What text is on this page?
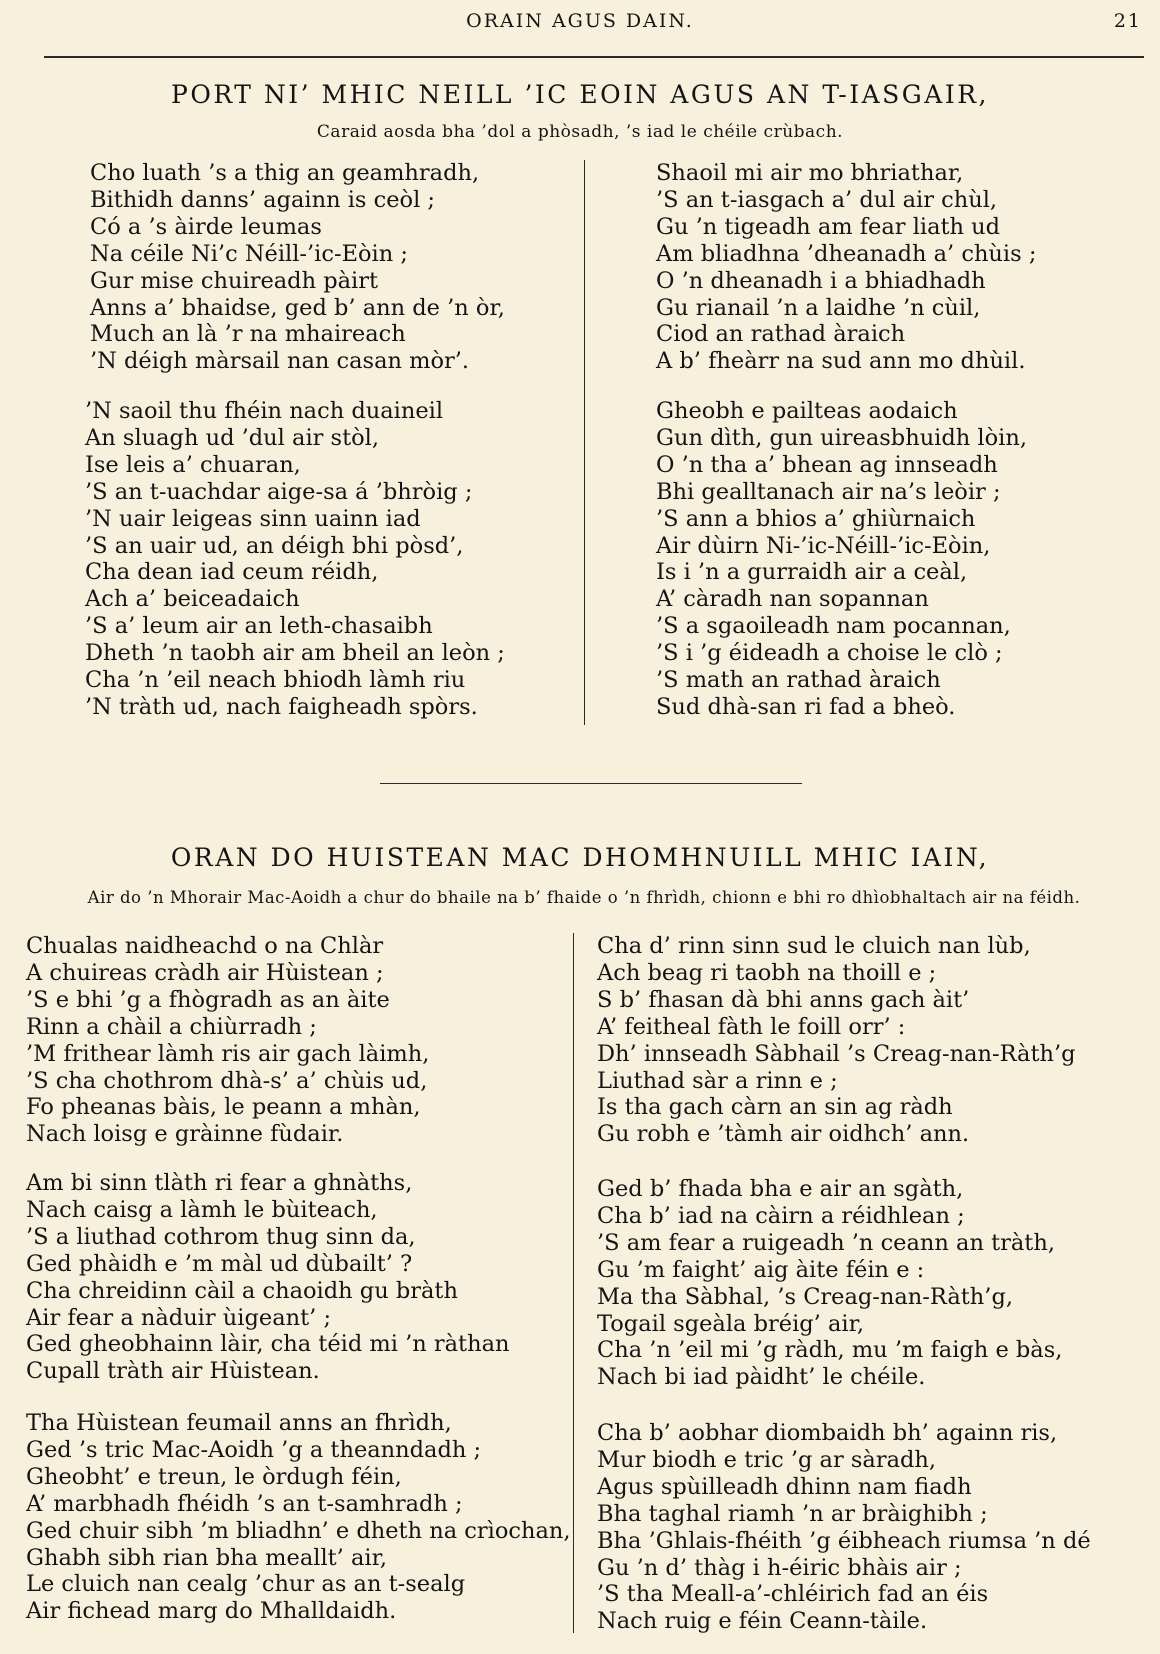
ORAIN AGUS DAIN.	21
PORT NI’ MHIC NEILL ’IC EOIN AGUS AN T-IASGAIR,
Caraid aosda bha ’dol a phòsadh, ’s iad le chéile crùbach.
Cho luath ’s a thig an geamhradh,
Bithidh danns’ againn is ceòl ;
Có a ’s àirde leumas
Na céile Ni’c Néill-’ic-Eòin ;
Gur mise chuireadh pàirt
Anns a’ bhaidse, ged b’ ann de ’n òr,
Much an là ’r na mhaireach
’N déigh màrsail nan casan mòr’.
’N saoil thu fhéin nach duaineil
An sluagh ud ’dul air stòl,
Ise leis a’ chuaran,
’S an t-uachdar aige-sa á ’bhròig ;
’N uair leigeas sinn uainn iad
’S an uair ud, an déigh bhi pòsd’,
Cha dean iad ceum réidh,
Ach a’ beiceadaich
’S a’ leum air an leth-chasaibh
Dheth ’n taobh air am bheil an leòn ;
Cha ’n ’eil neach bhiodh làmh riu
’N tràth ud, nach faigheadh spòrs.
Shaoil mi air mo bhriathar,
’S an t-iasgach a’ dul air chùl,
Gu ’n tigeadh am fear liath ud
Am bliadhna ’dheanadh a’ chùis ;
O ’n dheanadh i a bhiadhadh
Gu rianail ’n a laidhe ’n cùil,
Ciod an rathad àraich
A b’ fheàrr na sud ann mo dhùil.
Gheobh e pailteas aodaich
Gun dìth, gun uireasbhuidh lòin,
O ’n tha a’ bhean ag innseadh
Bhi gealltanach air na’s leòir ;
’S ann a bhios a’ ghiùrnaich
Air dùirn Ni-’ic-Néill-’ic-Eòin,
Is i ’n a gurraidh air a ceàl,
A’ càradh nan sopannan
’S a sgaoileadh nam pocannan,
’S i ’g éideadh a choise le clò ;
’S math an rathad àraich
Sud dhà-san ri fad a bheò.
ORAN DO HUISTEAN MAC DHOMHNUILL MHIC IAIN,
Air do ’n Mhorair Mac-Aoidh a chur do bhaile na b’ fhaide o ’n fhrìdh, chionn e bhi ro dhìobhaltach air na féidh.
Chualas naidheachd o na Chlàr
A chuireas cràdh air Hùistean ;
’S e bhi ’g a fhògradh as an àite
Rinn a chàil a chiùrradh ;
’M frithear làmh ris air gach làimh,
’S cha chothrom dhà-s’ a’ chùis ud,
Fo pheanas bàis, le peann a mhàn,
Nach loisg e gràinne fùdair.
Am bi sinn tlàth ri fear a ghnàths,
Nach caisg a làmh le bùiteach,
’S a liuthad cothrom thug sinn da,
Ged phàidh e ’m màl ud dùbailt’ ?
Cha chreidinn càil a chaoidh gu bràth
Air fear a nàduir ùigeant’ ;
Ged gheobhainn làir, cha téid mi ’n ràthan
Cupall tràth air Hùistean.
Tha Hùistean feumail anns an fhrìdh,
Ged ’s tric Mac-Aoidh ’g a theanndadh ;
Gheobht’ e treun, le òrdugh féin,
A’ marbhadh fhéidh ’s an t-samhradh ;
Ged chuir sibh ’m bliadhn’ e dheth na crìochan,
Ghabh sibh rian bha meallt’ air,
Le cluich nan cealg ’chur as an t-sealg
Air fichead marg do Mhalldaidh.
Cha d’ rinn sinn sud le cluich nan lùb,
Ach beag ri taobh na thoill e ;
S b’ fhasan dà bhi anns gach àit’
A’ feitheal fàth le foill orr’ :
Dh’ innseadh Sàbhail ’s Creag-nan-Ràth’g
Liuthad sàr a rinn e ;
Is tha gach càrn an sin ag ràdh
Gu robh e ’tàmh air oidhch’ ann.
Ged b’ fhada bha e air an sgàth,
Cha b’ iad na càirn a réidhlean ;
’S am fear a ruigeadh ’n ceann an tràth,
Gu ’m faight’ aig àite féin e :
Ma tha Sàbhal, ’s Creag-nan-Ràth’g,
Togail sgeàla bréig’ air,
Cha ’n ’eil mi ’g ràdh, mu ’m faigh e bàs,
Nach bi iad pàidht’ le chéile.
Cha b’ aobhar diombaidh bh’ againn ris,
Mur biodh e tric ’g ar sàradh,
Agus spùilleadh dhinn nam fiadh
Bha taghal riamh ’n ar bràighibh ;
Bha ’Ghlais-fhéith ’g éibheach riumsa ’n dé
Gu ’n d’ thàg i h-éiric bhàis air ;
’S tha Meall-a’-chléirich fad an éis
Nach ruig e féin Ceann-tàile.
